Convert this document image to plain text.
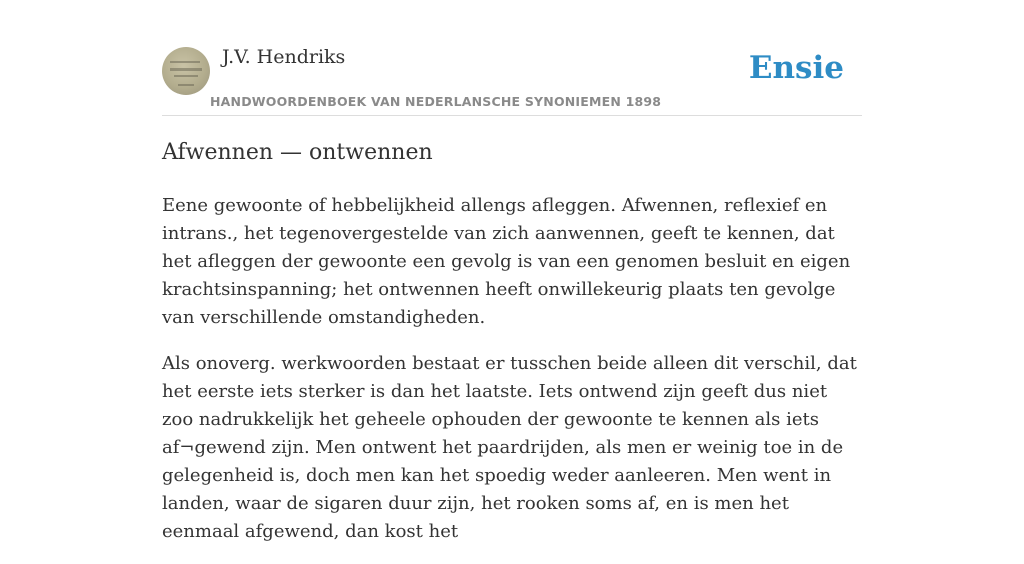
J.V. Hendriks
HANDWOORDENBOEK VAN NEDERLANSCHE SYNONIEMEN 1898
Ensie
Afwennen — ontwennen

Eene gewoonte of hebbelijkheid allengs afleggen. Afwennen, reflexief en intrans., het tegenovergestelde van zich aanwennen, geeft te kennen, dat het afleggen der gewoonte een gevolg is van een genomen besluit en eigen krachtsinspanning; het ontwennen heeft onwillekeurig plaats ten gevolge van verschillende omstandigheden.

Als onoverg. werkwoorden bestaat er tusschen beide alleen dit verschil, dat het eerste iets sterker is dan het laatste. Iets ontwend zijn geeft dus niet zoo nadrukkelijk het geheele ophouden der gewoonte te kennen als iets af¬gewend zijn. Men ontwent het paardrijden, als men er weinig toe in de gelegenheid is, doch men kan het spoedig weder aanleeren. Men went in landen, waar de sigaren duur zijn, het rooken soms af, en is men het eenmaal afgewend, dan kost het
